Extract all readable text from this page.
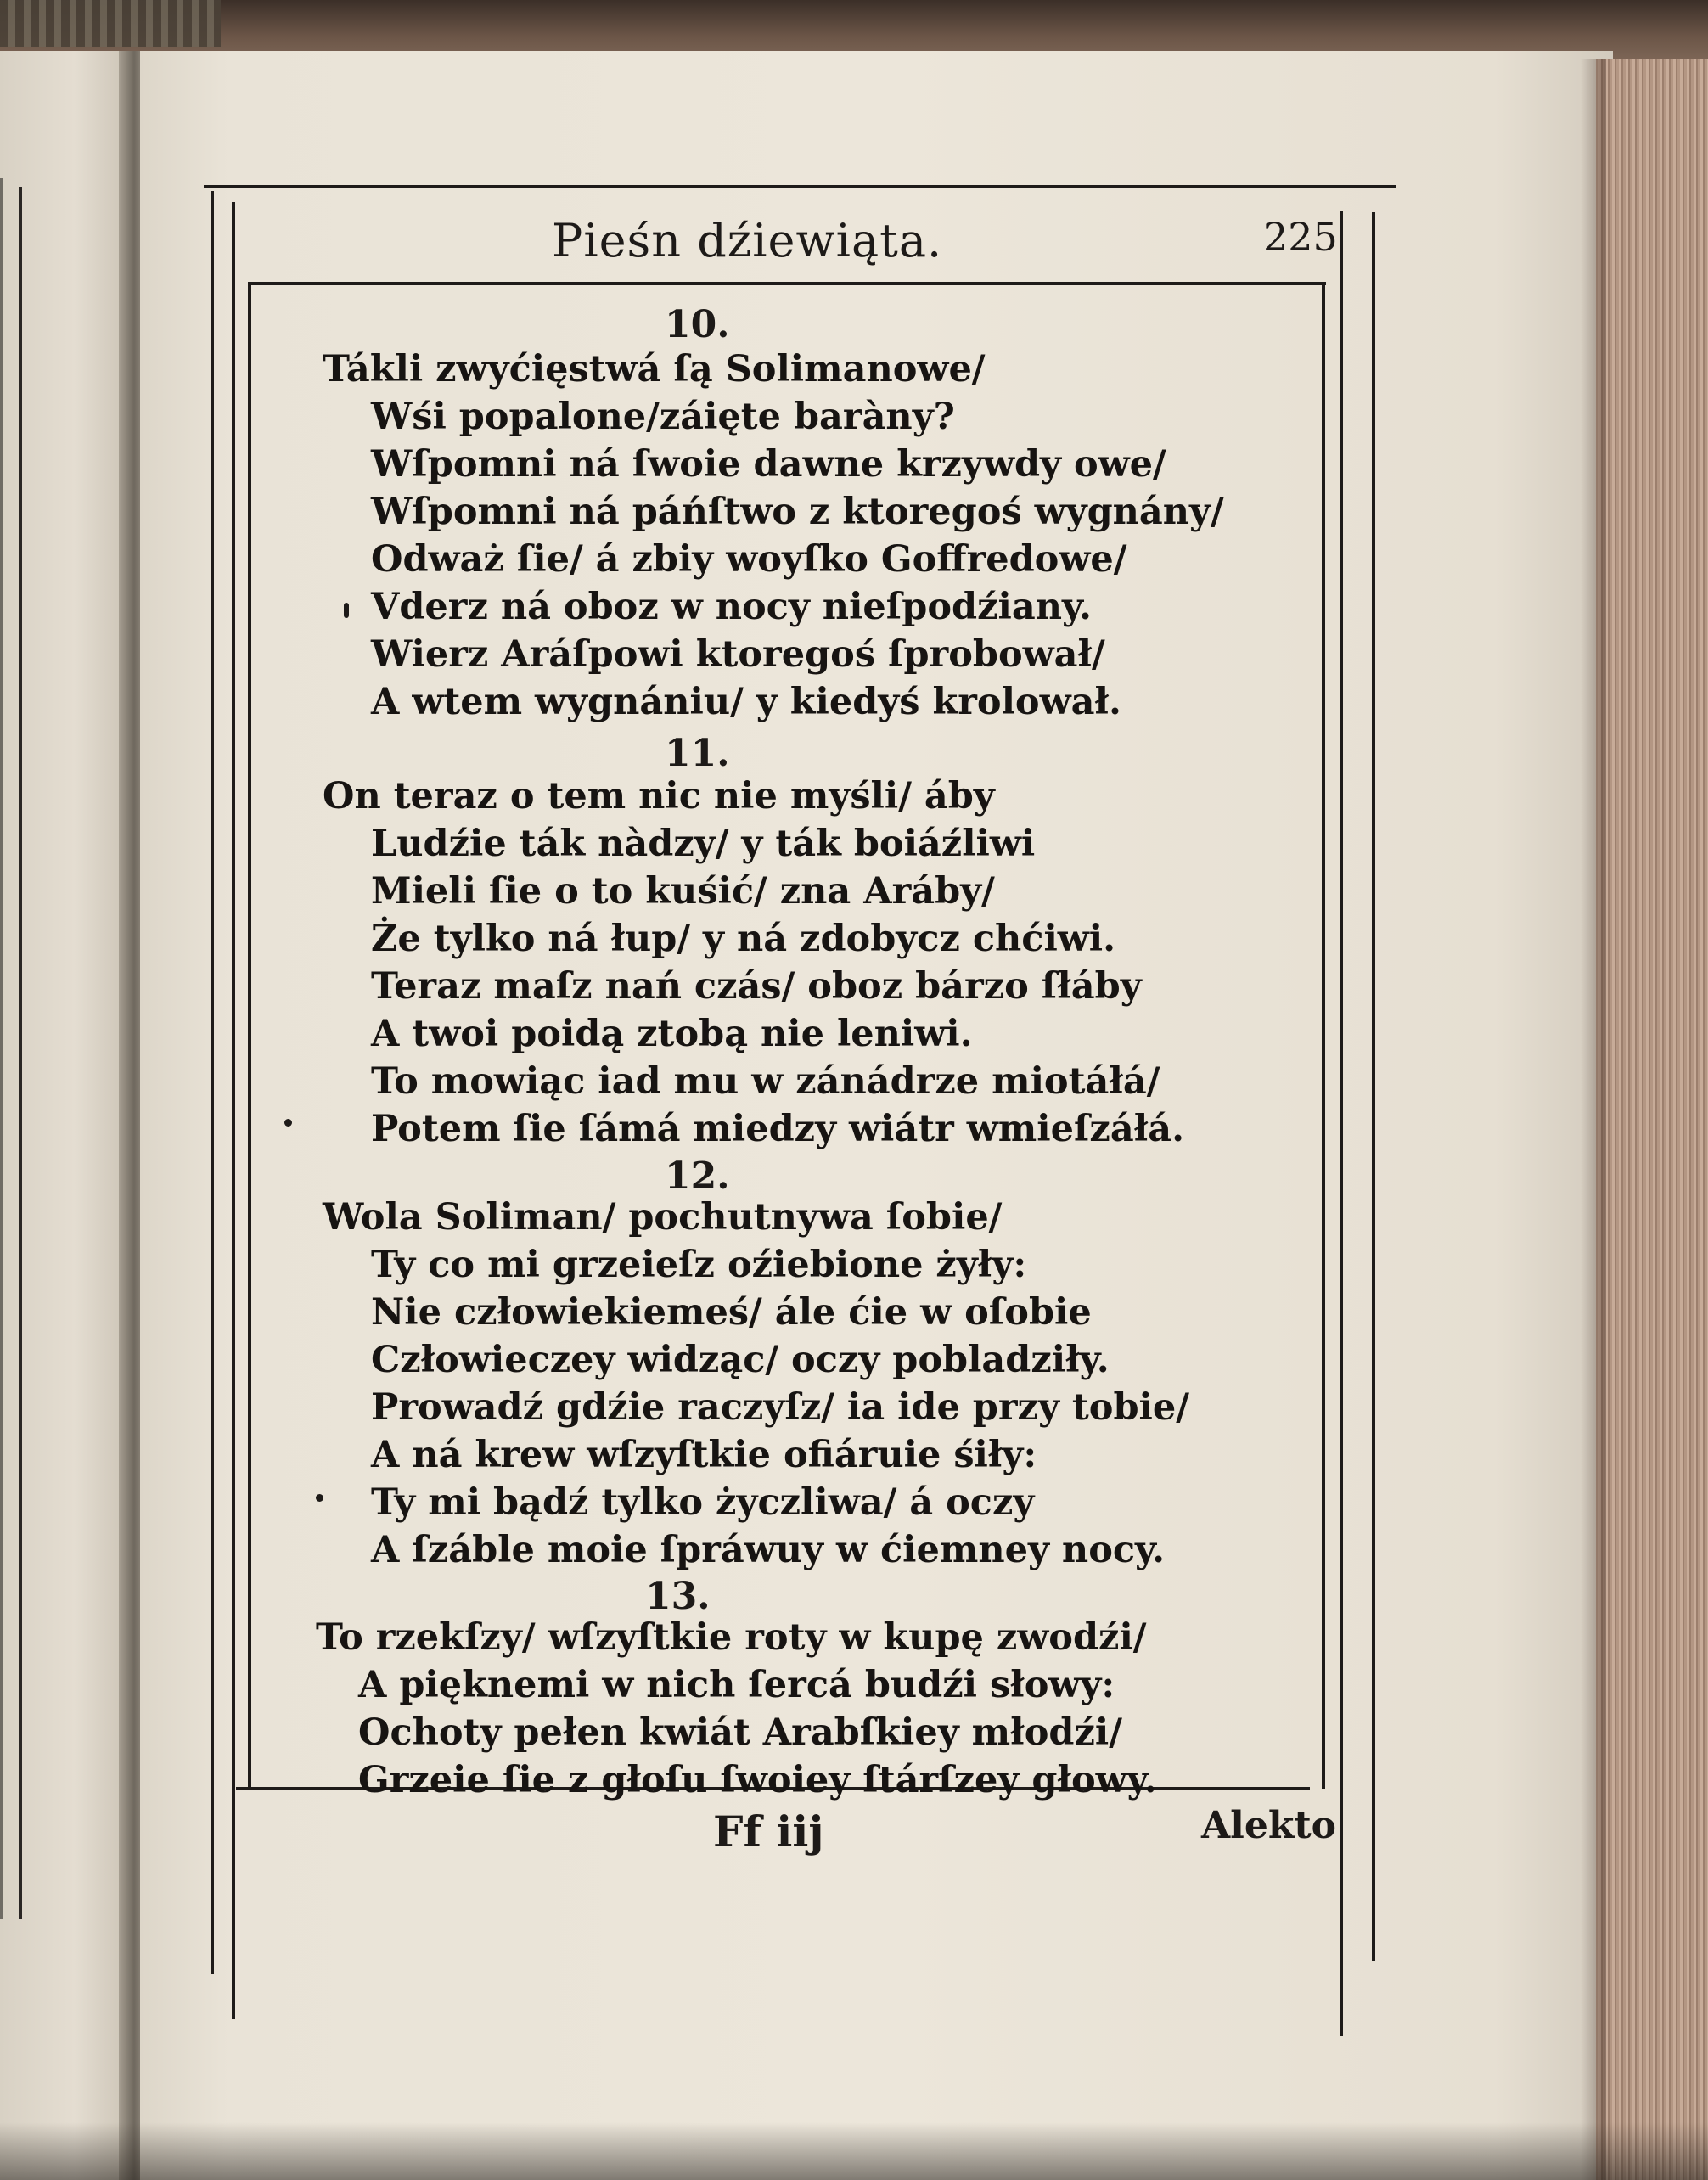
Pieśn dźiewiąta.	225
10.
Tákli zwyćięstwá ſą Solimanowe/
Wśi popalone/záięte baràny?
Wſpomni ná ſwoie dawne krzywdy owe/
Wſpomni ná páńſtwo z ktoregoś wygnány/
Odważ ſie/ á zbiy woyſko Goffredowe/
Vderz ná oboz w nocy nieſpodźiany.
Wierz Aráſpowi ktoregoś ſprobował/
A wtem wygnániu/ y kiedyś krolował.
11.
On teraz o tem nic nie myśli/ áby
Ludźie ták nàdzy/ y ták boiáźliwi
Mieli ſie o to kuśić/ zna Aráby/
Że tylko ná łup/ y ná zdobycz chćiwi.
Teraz maſz nań czás/ oboz bárzo ſłáby
A twoi poidą ztobą nie leniwi.
To mowiąc iad mu w zánádrze miotáłá/
Potem ſie ſámá miedzy wiátr wmieſzáłá.
12.
Wola Soliman/ pochutnywa ſobie/
Ty co mi grzeieſz oźiebione żyły:
Nie człowiekiemeś/ ále ćie w oſobie
Człowieczey widząc/ oczy pobladziły.
Prowadź gdźie raczyſz/ ia ide przy tobie/
A ná krew wſzyſtkie ofiáruie śiły:
Ty mi bądź tylko życzliwa/ á oczy
A ſzáble moie ſpráwuy w ćiemney nocy.
13.
To rzekſzy/ wſzyſtkie roty w kupę zwodźi/
A pięknemi w nich ſercá budźi słowy:
Ochoty pełen kwiát Arabſkiey młodźi/
Grzeie ſie z głoſu ſwoiey ſtárſzey głowy.
Ff iij	Alekto
